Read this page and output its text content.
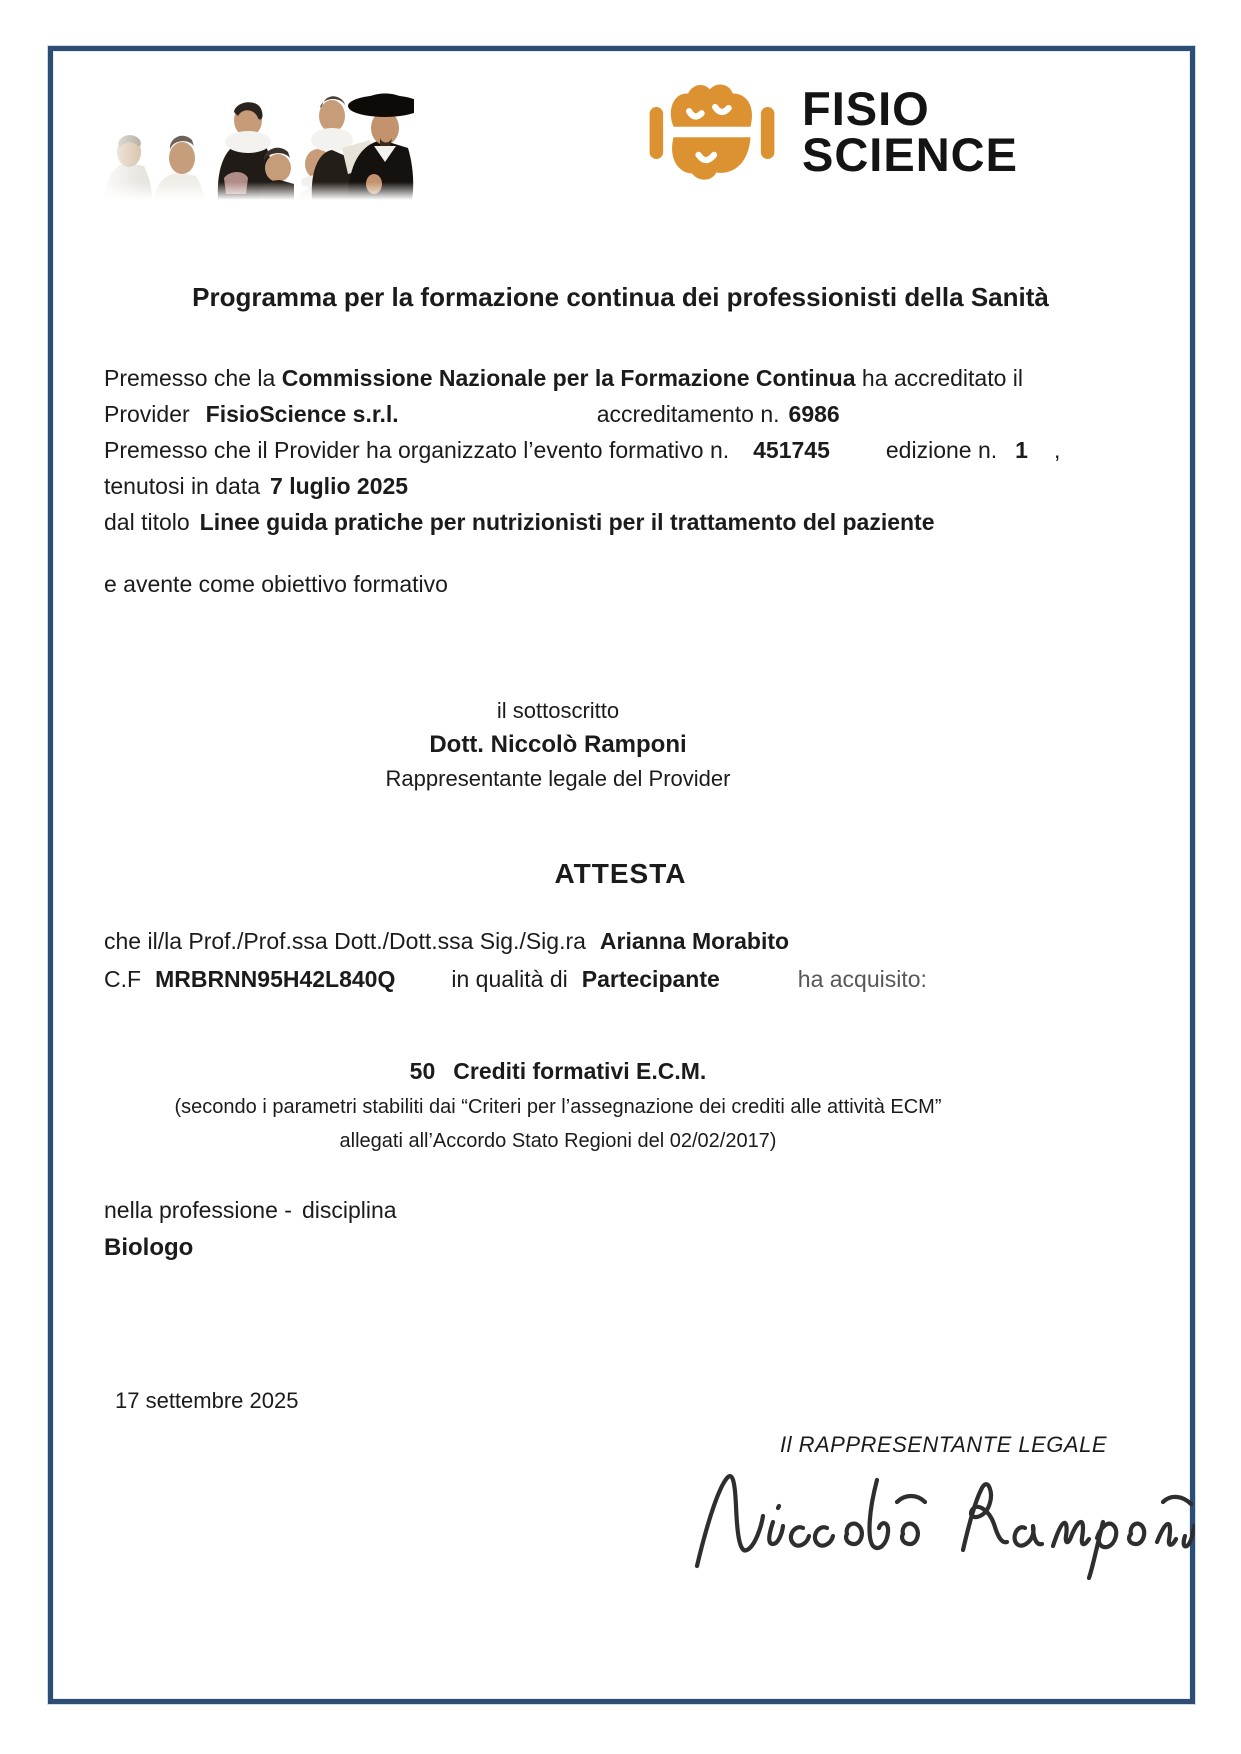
FISIO
SCIENCE
Programma per la formazione continua dei professionisti della Sanità
Premesso che la Commissione Nazionale per la Formazione Continua ha accreditato il
Provider FisioScience s.r.l.	accreditamento n. 6986
Premesso che il Provider ha organizzato l’evento formativo n. 451745 edizione n. 1 ,
tenutosi in data 7 luglio 2025
dal titolo Linee guida pratiche per nutrizionisti per il trattamento del paziente
e avente come obiettivo formativo
il sottoscritto
Dott. Niccolò Ramponi
Rappresentante legale del Provider
ATTESTA
che il/la Prof./Prof.ssa Dott./Dott.ssa Sig./Sig.ra Arianna Morabito
C.F MRBRNN95H42L840Q in qualità di Partecipante	ha acquisito:
50 Crediti formativi E.C.M.
(secondo i parametri stabiliti dai “Criteri per l’assegnazione dei crediti alle attività ECM”
allegati all’Accordo Stato Regioni del 02/02/2017)
nella professione - disciplina
Biologo
17 settembre 2025
Il RAPPRESENTANTE LEGALE
